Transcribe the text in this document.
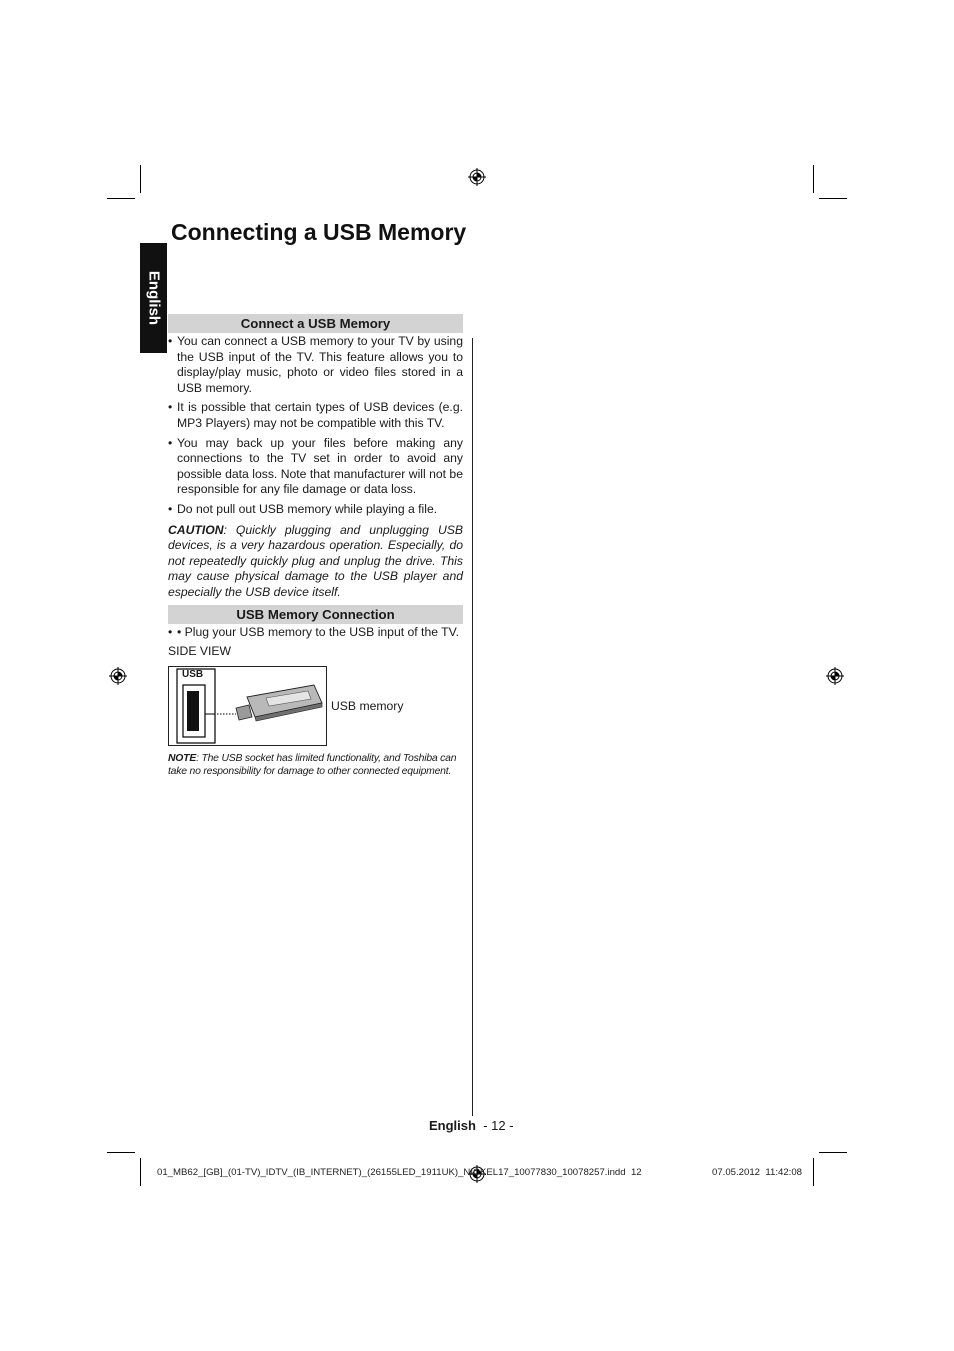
Connecting a USB Memory
English	Connect a USB Memory
• You can connect a USB memory to your TV by using the USB input of the TV. This feature allows you to display/play music, photo or video files stored in a USB memory.
• It is possible that certain types of USB devices (e.g. MP3 Players) may not be compatible with this TV.
• You may back up your files before making any connections to the TV set in order to avoid any possible data loss. Note that manufacturer will not be responsible for any file damage or data loss.
• Do not pull out USB memory while playing a file.
CAUTION: Quickly plugging and unplugging USB devices, is a very hazardous operation. Especially, do not repeatedly quickly plug and unplug the drive. This may cause physical damage to the USB player and especially the USB device itself.
USB Memory Connection
• • Plug your USB memory to the USB input of the TV.
SIDE VIEW
USB
USB memory
NOTE: The USB socket has limited functionality, and Toshiba can take no responsibility for damage to other connected equipment.
English - 12 -
01_MB62_[GB]_(01-TV)_IDTV_(IB_INTERNET)_(26155LED_1911UK)_NICKEL17_10077830_10078257.indd 12	07.05.2012 11:42:08
